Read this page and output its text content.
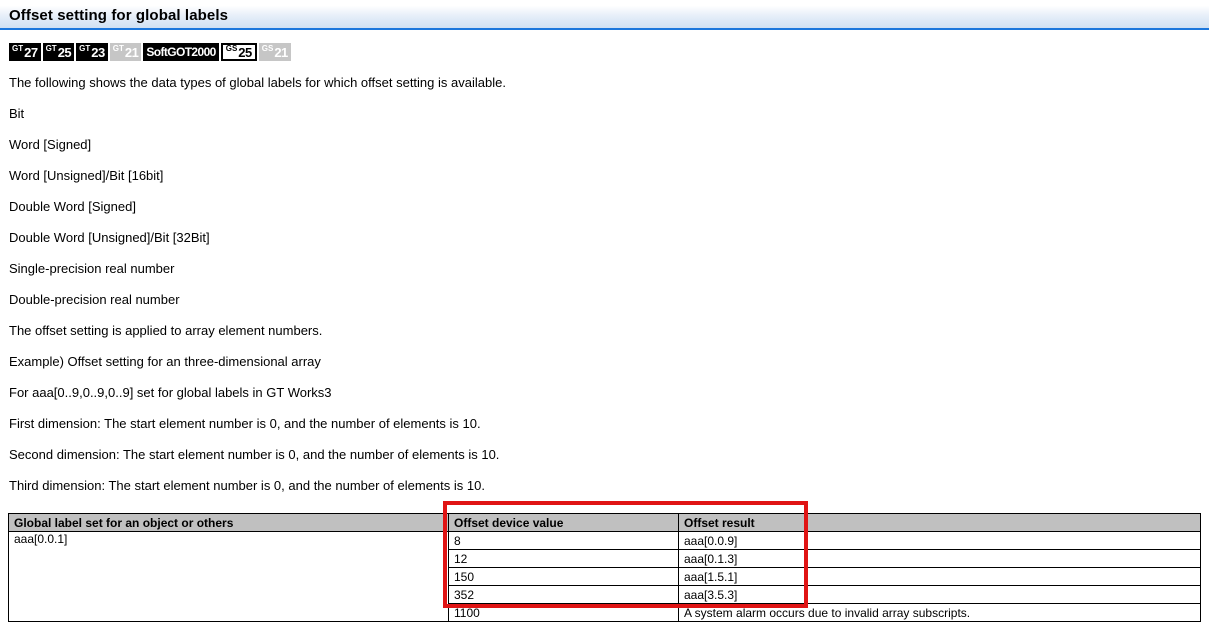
Offset setting for global labels
GT 27 GT 25 GT 23 GT 21 SoftGOT2000 GS 25 GS 21

The following shows the data types of global labels for which offset setting is available.

Bit

Word [Signed]

Word [Unsigned]/Bit [16bit]

Double Word [Signed]

Double Word [Unsigned]/Bit [32Bit]

Single-precision real number

Double-precision real number

The offset setting is applied to array element numbers.

Example) Offset setting for an three-dimensional array

For aaa[0..9,0..9,0..9] set for global labels in GT Works3

First dimension: The start element number is 0, and the number of elements is 10.

Second dimension: The start element number is 0, and the number of elements is 10.

Third dimension: The start element number is 0, and the number of elements is 10.

Global label set for an object or others	Offset device value	Offset result
aaa[0.0.1]	8	aaa[0.0.9]
	12	aaa[0.1.3]
	150	aaa[1.5.1]
	352	aaa[3.5.3]
	1100	A system alarm occurs due to invalid array subscripts.
